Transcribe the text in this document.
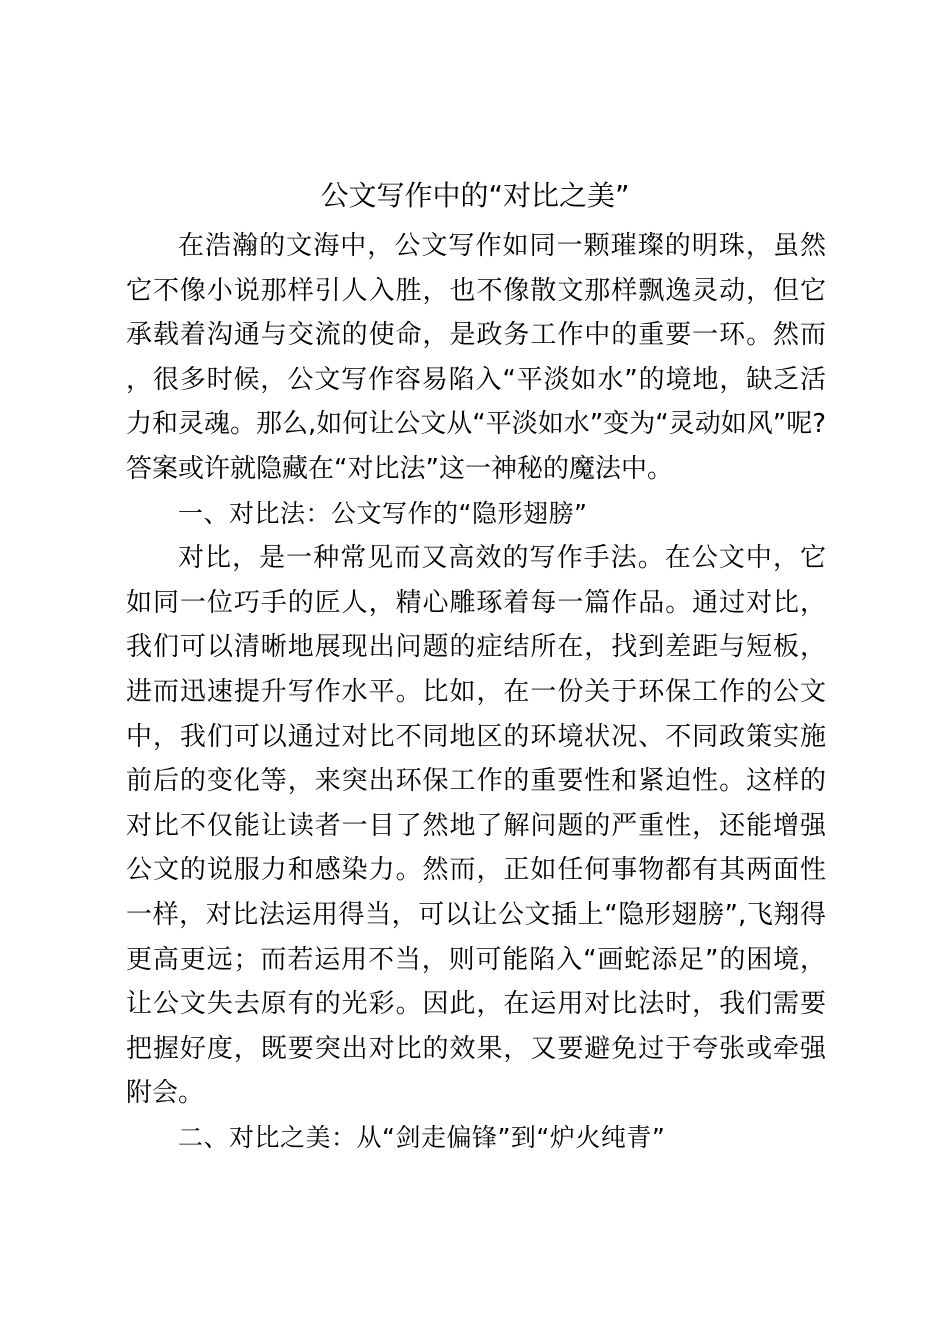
公文写作中的“对比之美”

在浩瀚的文海中，公文写作如同一颗璀璨的明珠，虽然它不像小说那样引人入胜，也不像散文那样飘逸灵动，但它承载着沟通与交流的使命，是政务工作中的重要一环。然而，很多时候，公文写作容易陷入“平淡如水”的境地，缺乏活力和灵魂。那么,如何让公文从“平淡如水”变为“灵动如风”呢?答案或许就隐藏在“对比法”这一神秘的魔法中。

一、对比法：公文写作的“隐形翅膀”

对比，是一种常见而又高效的写作手法。在公文中，它如同一位巧手的匠人，精心雕琢着每一篇作品。通过对比，我们可以清晰地展现出问题的症结所在，找到差距与短板，进而迅速提升写作水平。比如，在一份关于环保工作的公文中，我们可以通过对比不同地区的环境状况、不同政策实施前后的变化等，来突出环保工作的重要性和紧迫性。这样的对比不仅能让读者一目了然地了解问题的严重性，还能增强公文的说服力和感染力。然而，正如任何事物都有其两面性一样，对比法运用得当，可以让公文插上“隐形翅膀”,飞翔得更高更远；而若运用不当，则可能陷入“画蛇添足”的困境，让公文失去原有的光彩。因此，在运用对比法时，我们需要把握好度，既要突出对比的效果，又要避免过于夸张或牵强附会。

二、对比之美：从“剑走偏锋”到“炉火纯青”
